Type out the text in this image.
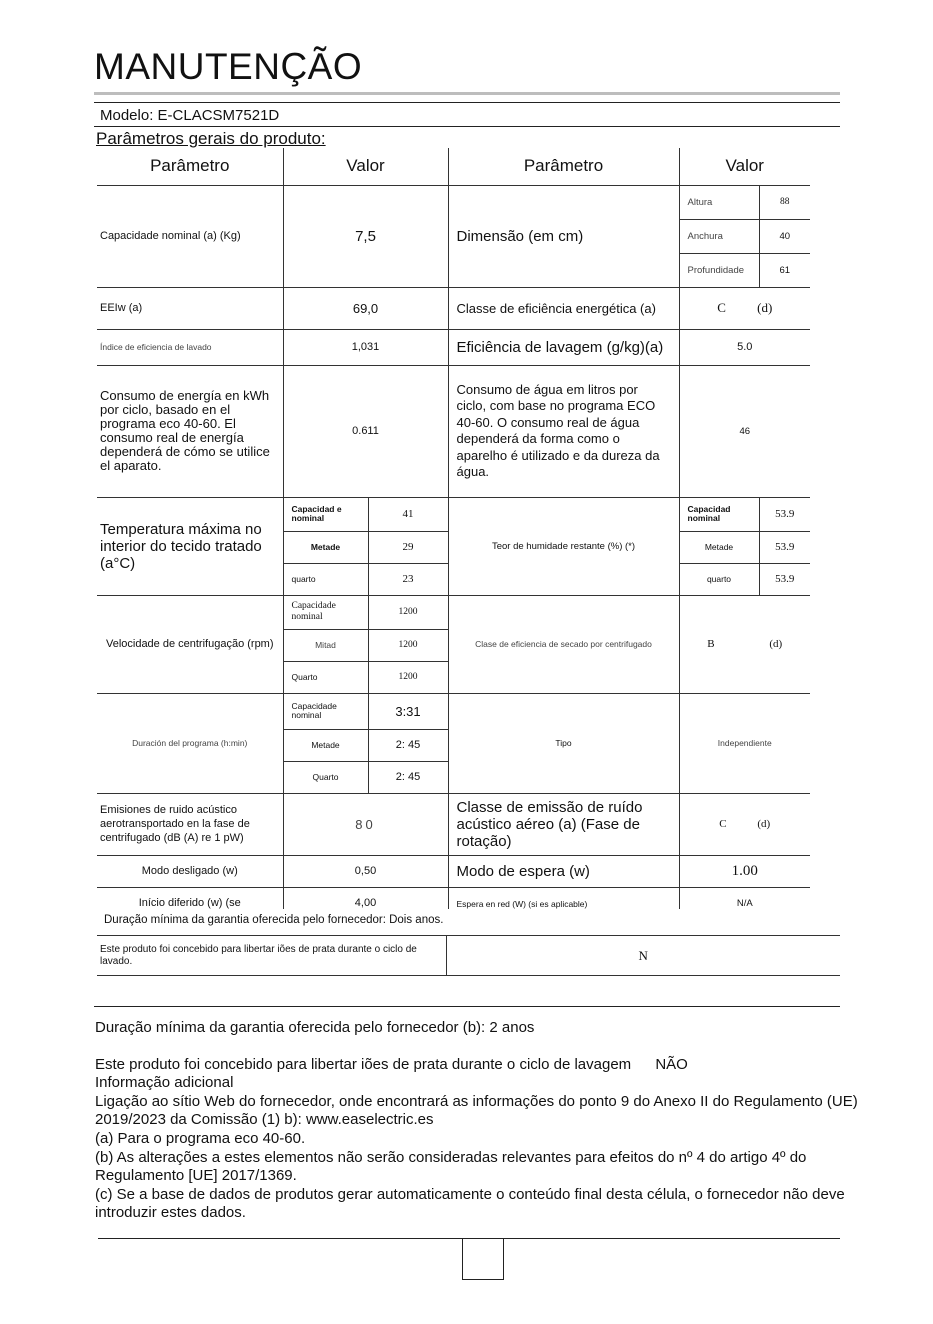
MANUTENÇÃO
Modelo: E-CLACSM7521D
Parâmetros gerais do produto:
Parâmetro	Valor		Parâmetro	Valor	
Capacidade nominal (a) (Kg)	7,5		Dimensão (em cm)	Altura	88
				Anchura	40
				Profundidade	61
EEIw (a)	69,0		Classe de eficiência energética (a)	C (d)	
Índice de eficiencia de lavado	1,031		Eficiência de lavagem (g/kg)(a)	5.0	
Consumo de energía en kWh por ciclo, basado en el programa eco 40-60. El consumo real de energía dependerá de cómo se utilice el aparato.	0.611		Consumo de água em litros por ciclo, com base no programa ECO 40-60. O consumo real de água dependerá da forma como o aparelho é utilizado e da dureza da água.	46	
Temperatura máxima no interior do tecido tratado (a°C)	Capacidad e nominal	41	Teor de humidade restante (%) (*)	Capacidad nominal	53.9
	Metade	29		Metade	53.9
	quarto	23		quarto	53.9
Velocidade de centrifugação (rpm)	Capacidade nominal	1200	Clase de eficiencia de secado por centrifugado	B (d)	
	Mitad	1200			
	Quarto	1200			
Duración del programa (h:min)	Capacidade nominal	3:31	Tipo	Independiente	
	Metade	2: 45			
	Quarto	2: 45			
Emisiones de ruido acústico aerotransportado en la fase de centrifugado (dB (A) re 1 pW)	80		Classe de emissão de ruído acústico aéreo (a) (Fase de rotação)	C (d)	
Modo desligado (w)	0,50		Modo de espera (w)	1.00	
Início diferido (w) (se	4,00		Espera en red (W) (si es aplicable)	N/A	
Duração mínima da garantia oferecida pelo fornecedor: Dois anos.
Este produto foi concebido para libertar iões de prata durante o ciclo de lavado.	N

Duração mínima da garantia oferecida pelo fornecedor (b): 2 anos

Este produto foi concebido para libertar iões de prata durante o ciclo de lavagem NÃO

Informação adicional

Ligação ao sítio Web do fornecedor, onde encontrará as informações do ponto 9 do Anexo II do Regulamento (UE) 2019/2023 da Comissão (1) b): www.easelectric.es

(a) Para o programa eco 40-60.

(b) As alterações a estes elementos não serão consideradas relevantes para efeitos do nº 4 do artigo 4º do Regulamento [UE] 2017/1369.

(c) Se a base de dados de produtos gerar automaticamente o conteúdo final desta célula, o fornecedor não deve introduzir estes dados.
